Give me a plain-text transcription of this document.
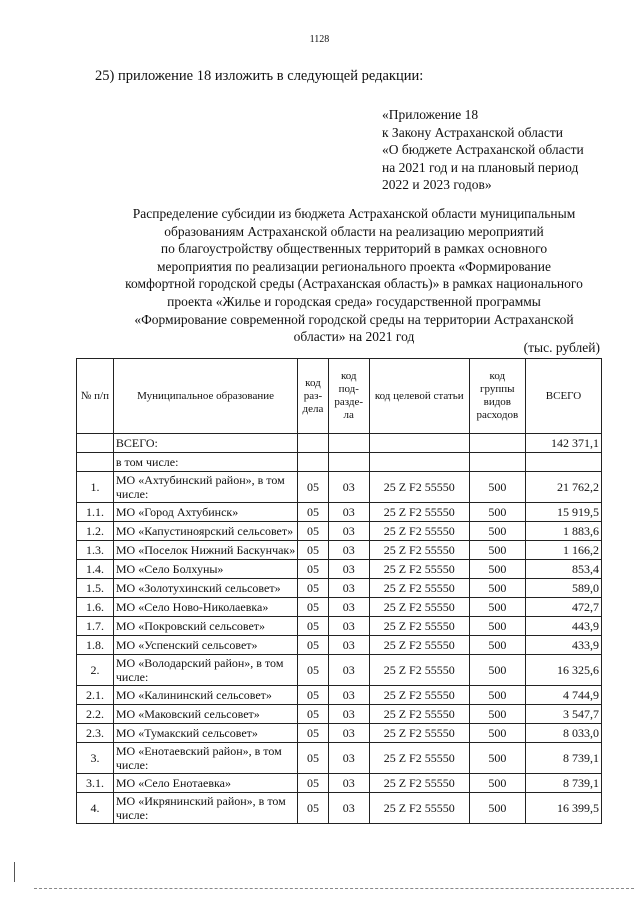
1128
25) приложение 18 изложить в следующей редакции:
«Приложение 18
к Закону Астраханской области
«О бюджете Астраханской области
на 2021 год и на плановый период
2022 и 2023 годов»
Распределение субсидии из бюджета Астраханской области муниципальным
образованиям Астраханской области на реализацию мероприятий
по благоустройству общественных территорий в рамках основного
мероприятия по реализации регионального проекта «Формирование
комфортной городской среды (Астраханская область)» в рамках национального
проекта «Жилье и городская среда» государственной программы
«Формирование современной городской среды на территории Астраханской
области» на 2021 год
(тыс. рублей)
№ п/п	Муниципальное образование	код раз-дела	код под-разде-ла	код целевой статьи	код группы видов расходов	ВСЕГО
	ВСЕГО:					142 371,1
	в том числе:					
1.	МО «Ахтубинский район», в том числе:	05	03	25 Z F2 55550	500	21 762,2
1.1.	МО «Город Ахтубинск»	05	03	25 Z F2 55550	500	15 919,5
1.2.	МО «Капустиноярский сельсовет»	05	03	25 Z F2 55550	500	1 883,6
1.3.	МО «Поселок Нижний Баскунчак»	05	03	25 Z F2 55550	500	1 166,2
1.4.	МО «Село Болхуны»	05	03	25 Z F2 55550	500	853,4
1.5.	МО «Золотухинский сельсовет»	05	03	25 Z F2 55550	500	589,0
1.6.	МО «Село Ново-Николаевка»	05	03	25 Z F2 55550	500	472,7
1.7.	МО «Покровский сельсовет»	05	03	25 Z F2 55550	500	443,9
1.8.	МО «Успенский сельсовет»	05	03	25 Z F2 55550	500	433,9
2.	МО «Володарский район», в том числе:	05	03	25 Z F2 55550	500	16 325,6
2.1.	МО «Калининский сельсовет»	05	03	25 Z F2 55550	500	4 744,9
2.2.	МО «Маковский сельсовет»	05	03	25 Z F2 55550	500	3 547,7
2.3.	МО «Тумакский сельсовет»	05	03	25 Z F2 55550	500	8 033,0
3.	МО «Енотаевский район», в том числе:	05	03	25 Z F2 55550	500	8 739,1
3.1.	МО «Село Енотаевка»	05	03	25 Z F2 55550	500	8 739,1
4.	МО «Икрянинский район», в том числе:	05	03	25 Z F2 55550	500	16 399,5
